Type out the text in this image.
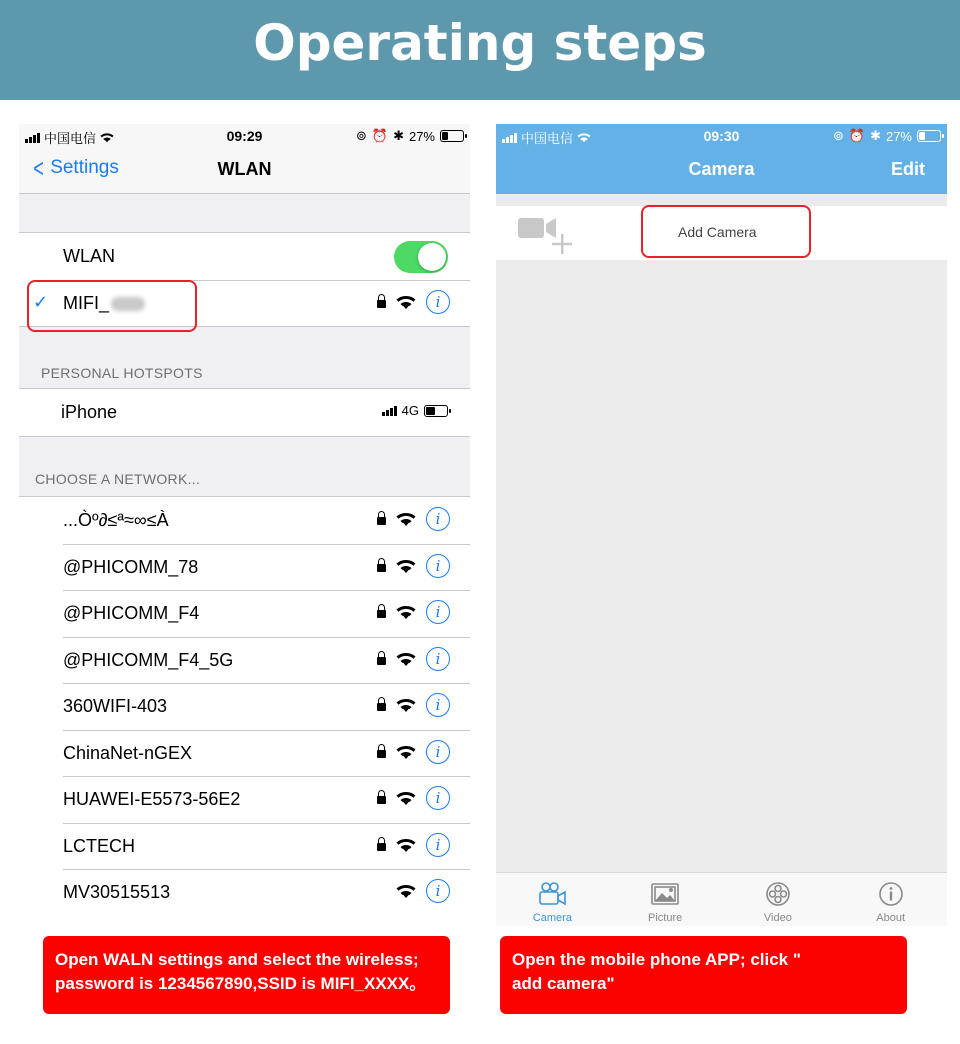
Operating steps
中国电信	09:29	⊚ ⏰ ✱ 27%
< Settings	WLAN
WLAN
✓ MIFI_	i
PERSONAL HOTSPOTS
iPhone	4G
CHOOSE A NETWORK...
...Òº∂≤ª≈∞≤À	i
@PHICOMM_78	i
@PHICOMM_F4	i
@PHICOMM_F4_5G	i
360WIFI-403	i
ChinaNet-nGEX	i
HUAWEI-E5573-56E2	i
LCTECH	i
MV30515513	i
中国电信	09:30	⊚ ⏰ ✱ 27%
Camera	Edit
Add Camera
Camera	Picture	Video	About
Open WALN settings and select the wireless;
password is 1234567890,SSID is MIFI_XXXX。
Open the mobile phone APP; click "
add camera"
